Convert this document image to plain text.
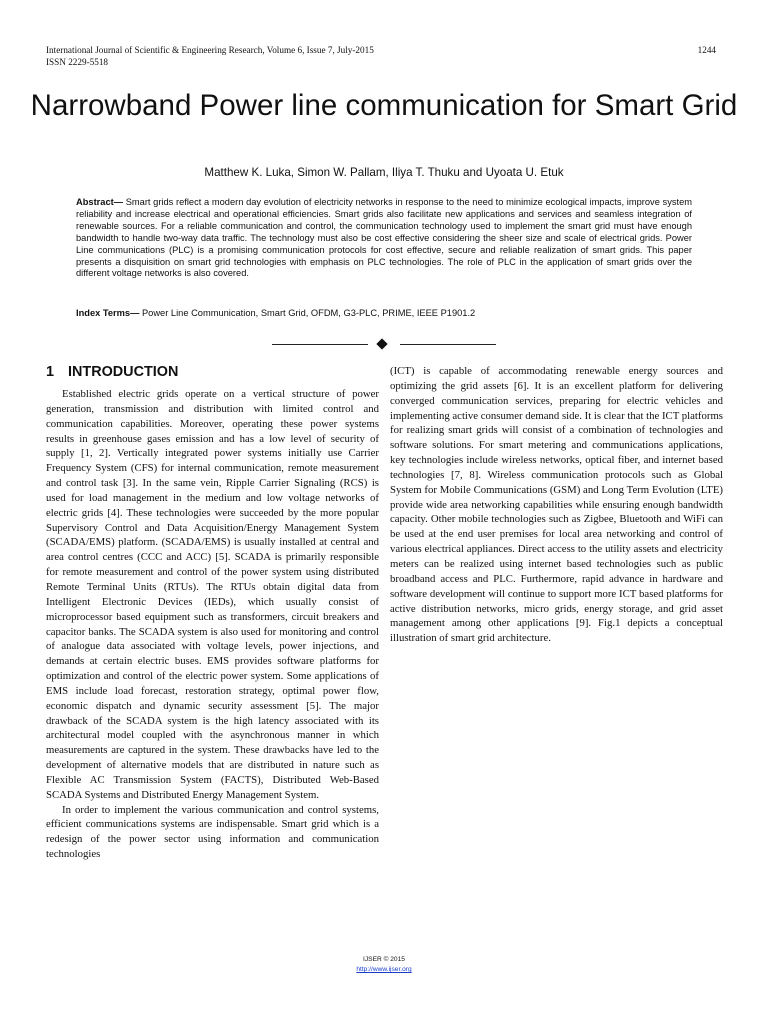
International Journal of Scientific & Engineering Research, Volume 6, Issue 7, July-2015
ISSN 2229-5518
1244
Narrowband Power line communication for Smart Grid
Matthew K. Luka, Simon W. Pallam, Iliya T. Thuku and Uyoata U. Etuk
Abstract— Smart grids reflect a modern day evolution of electricity networks in response to the need to minimize ecological impacts, improve system reliability and increase electrical and operational efficiencies. Smart grids also facilitate new applications and services and seamless integration of renewable sources. For a reliable communication and control, the communication technology used to implement the smart grid must have enough bandwidth to handle two-way data traffic. The technology must also be cost effective considering the sheer size and scale of electrical grids. Power Line communications (PLC) is a promising communication protocols for cost effective, secure and reliable realization of smart grids. This paper presents a disquisition on smart grid technologies with emphasis on PLC technologies. The role of PLC in the application of smart grids over the different voltage networks is also covered.
Index Terms— Power Line Communication, Smart Grid, OFDM, G3-PLC, PRIME, IEEE P1901.2
1 INTRODUCTION

Established electric grids operate on a vertical structure of power generation, transmission and distribution with limited control and communication capabilities. Moreover, operating these power systems results in greenhouse gases emission and has a low level of security of supply [1, 2]. Vertically integrated power systems initially use Carrier Frequency System (CFS) for internal communication, remote measurement and control task [3]. In the same vein, Ripple Carrier Signaling (RCS) is used for load management in the medium and low voltage networks of electric grids [4]. These technologies were succeeded by the more popular Supervisory Control and Data Acquisition/Energy Management System (SCADA/EMS) platform. (SCADA/EMS) is usually installed at central and area control centres (CCC and ACC) [5]. SCADA is primarily responsible for remote measurement and control of the power system using distributed Remote Terminal Units (RTUs). The RTUs obtain digital data from Intelligent Electronic Devices (IEDs), which usually consist of microprocessor based equipment such as transformers, circuit breakers and capacitor banks. The SCADA system is also used for monitoring and control of analogue data associated with voltage levels, power injections, and demands at certain electric buses. EMS provides software platforms for optimization and control of the electric power system. Some applications of EMS include load forecast, restoration strategy, optimal power flow, economic dispatch and dynamic security assessment [5]. The major drawback of the SCADA system is the high latency associated with its architectural model coupled with the asynchronous manner in which measurements are captured in the system. These drawbacks have led to the development of alternative models that are distributed in nature such as Flexible AC Transmission System (FACTS), Distributed Web-Based SCADA Systems and Distributed Energy Management System.

In order to implement the various communication and control systems, efficient communications systems are indispensable. Smart grid which is a redesign of the power sector using information and communication technologies

(ICT) is capable of accommodating renewable energy sources and optimizing the grid assets [6]. It is an excellent platform for delivering converged communication services, preparing for electric vehicles and implementing active consumer demand side. It is clear that the ICT platforms for realizing smart grids will consist of a combination of technologies and software solutions. For smart metering and communications applications, key technologies include wireless networks, optical fiber, and internet based technologies [7, 8]. Wireless communication protocols such as Global System for Mobile Communications (GSM) and Long Term Evolution (LTE) provide wide area networking capabilities while ensuring enough bandwidth capacity. Other mobile technologies such as Zigbee, Bluetooth and WiFi can be used at the end user premises for local area networking and control of various electrical appliances. Direct access to the utility assets and electricity meters can be realized using internet based technologies such as public broadband access and PLC. Furthermore, rapid advance in hardware and software development will continue to support more ICT based platforms for active distribution networks, micro grids, energy storage, and grid asset management among other applications [9]. Fig.1 depicts a conceptual illustration of smart grid architecture.

IJSER © 2015
http://www.ijser.org
